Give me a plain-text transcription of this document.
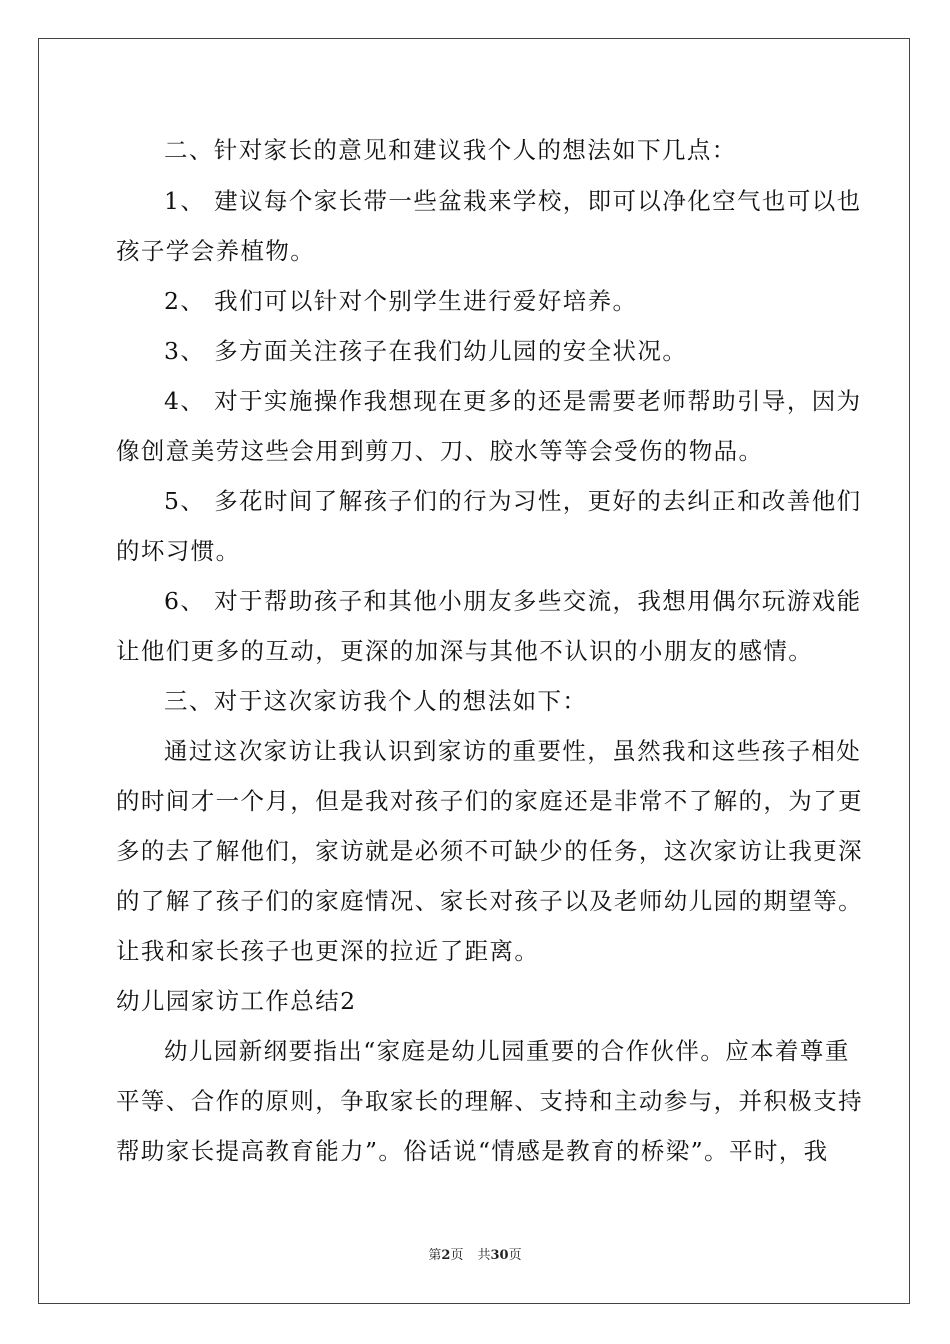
二、针对家长的意见和建议我个人的想法如下几点：
1、 建议每个家长带一些盆栽来学校，即可以净化空气也可以也
孩子学会养植物。
2、 我们可以针对个别学生进行爱好培养。
3、 多方面关注孩子在我们幼儿园的安全状况。
4、 对于实施操作我想现在更多的还是需要老师帮助引导，因为
像创意美劳这些会用到剪刀、刀、胶水等等会受伤的物品。
5、 多花时间了解孩子们的行为习性，更好的去纠正和改善他们
的坏习惯。
6、 对于帮助孩子和其他小朋友多些交流，我想用偶尔玩游戏能
让他们更多的互动，更深的加深与其他不认识的小朋友的感情。
三、对于这次家访我个人的想法如下：
通过这次家访让我认识到家访的重要性，虽然我和这些孩子相处
的时间才一个月，但是我对孩子们的家庭还是非常不了解的，为了更
多的去了解他们，家访就是必须不可缺少的任务，这次家访让我更深
的了解了孩子们的家庭情况、家长对孩子以及老师幼儿园的期望等。
让我和家长孩子也更深的拉近了距离。
幼儿园家访工作总结2
幼儿园新纲要指出“家庭是幼儿园重要的合作伙伴。应本着尊重
平等、合作的原则，争取家长的理解、支持和主动参与，并积极支持
帮助家长提高教育能力”。俗话说“情感是教育的桥梁”。平时，我
第2页 共30页
